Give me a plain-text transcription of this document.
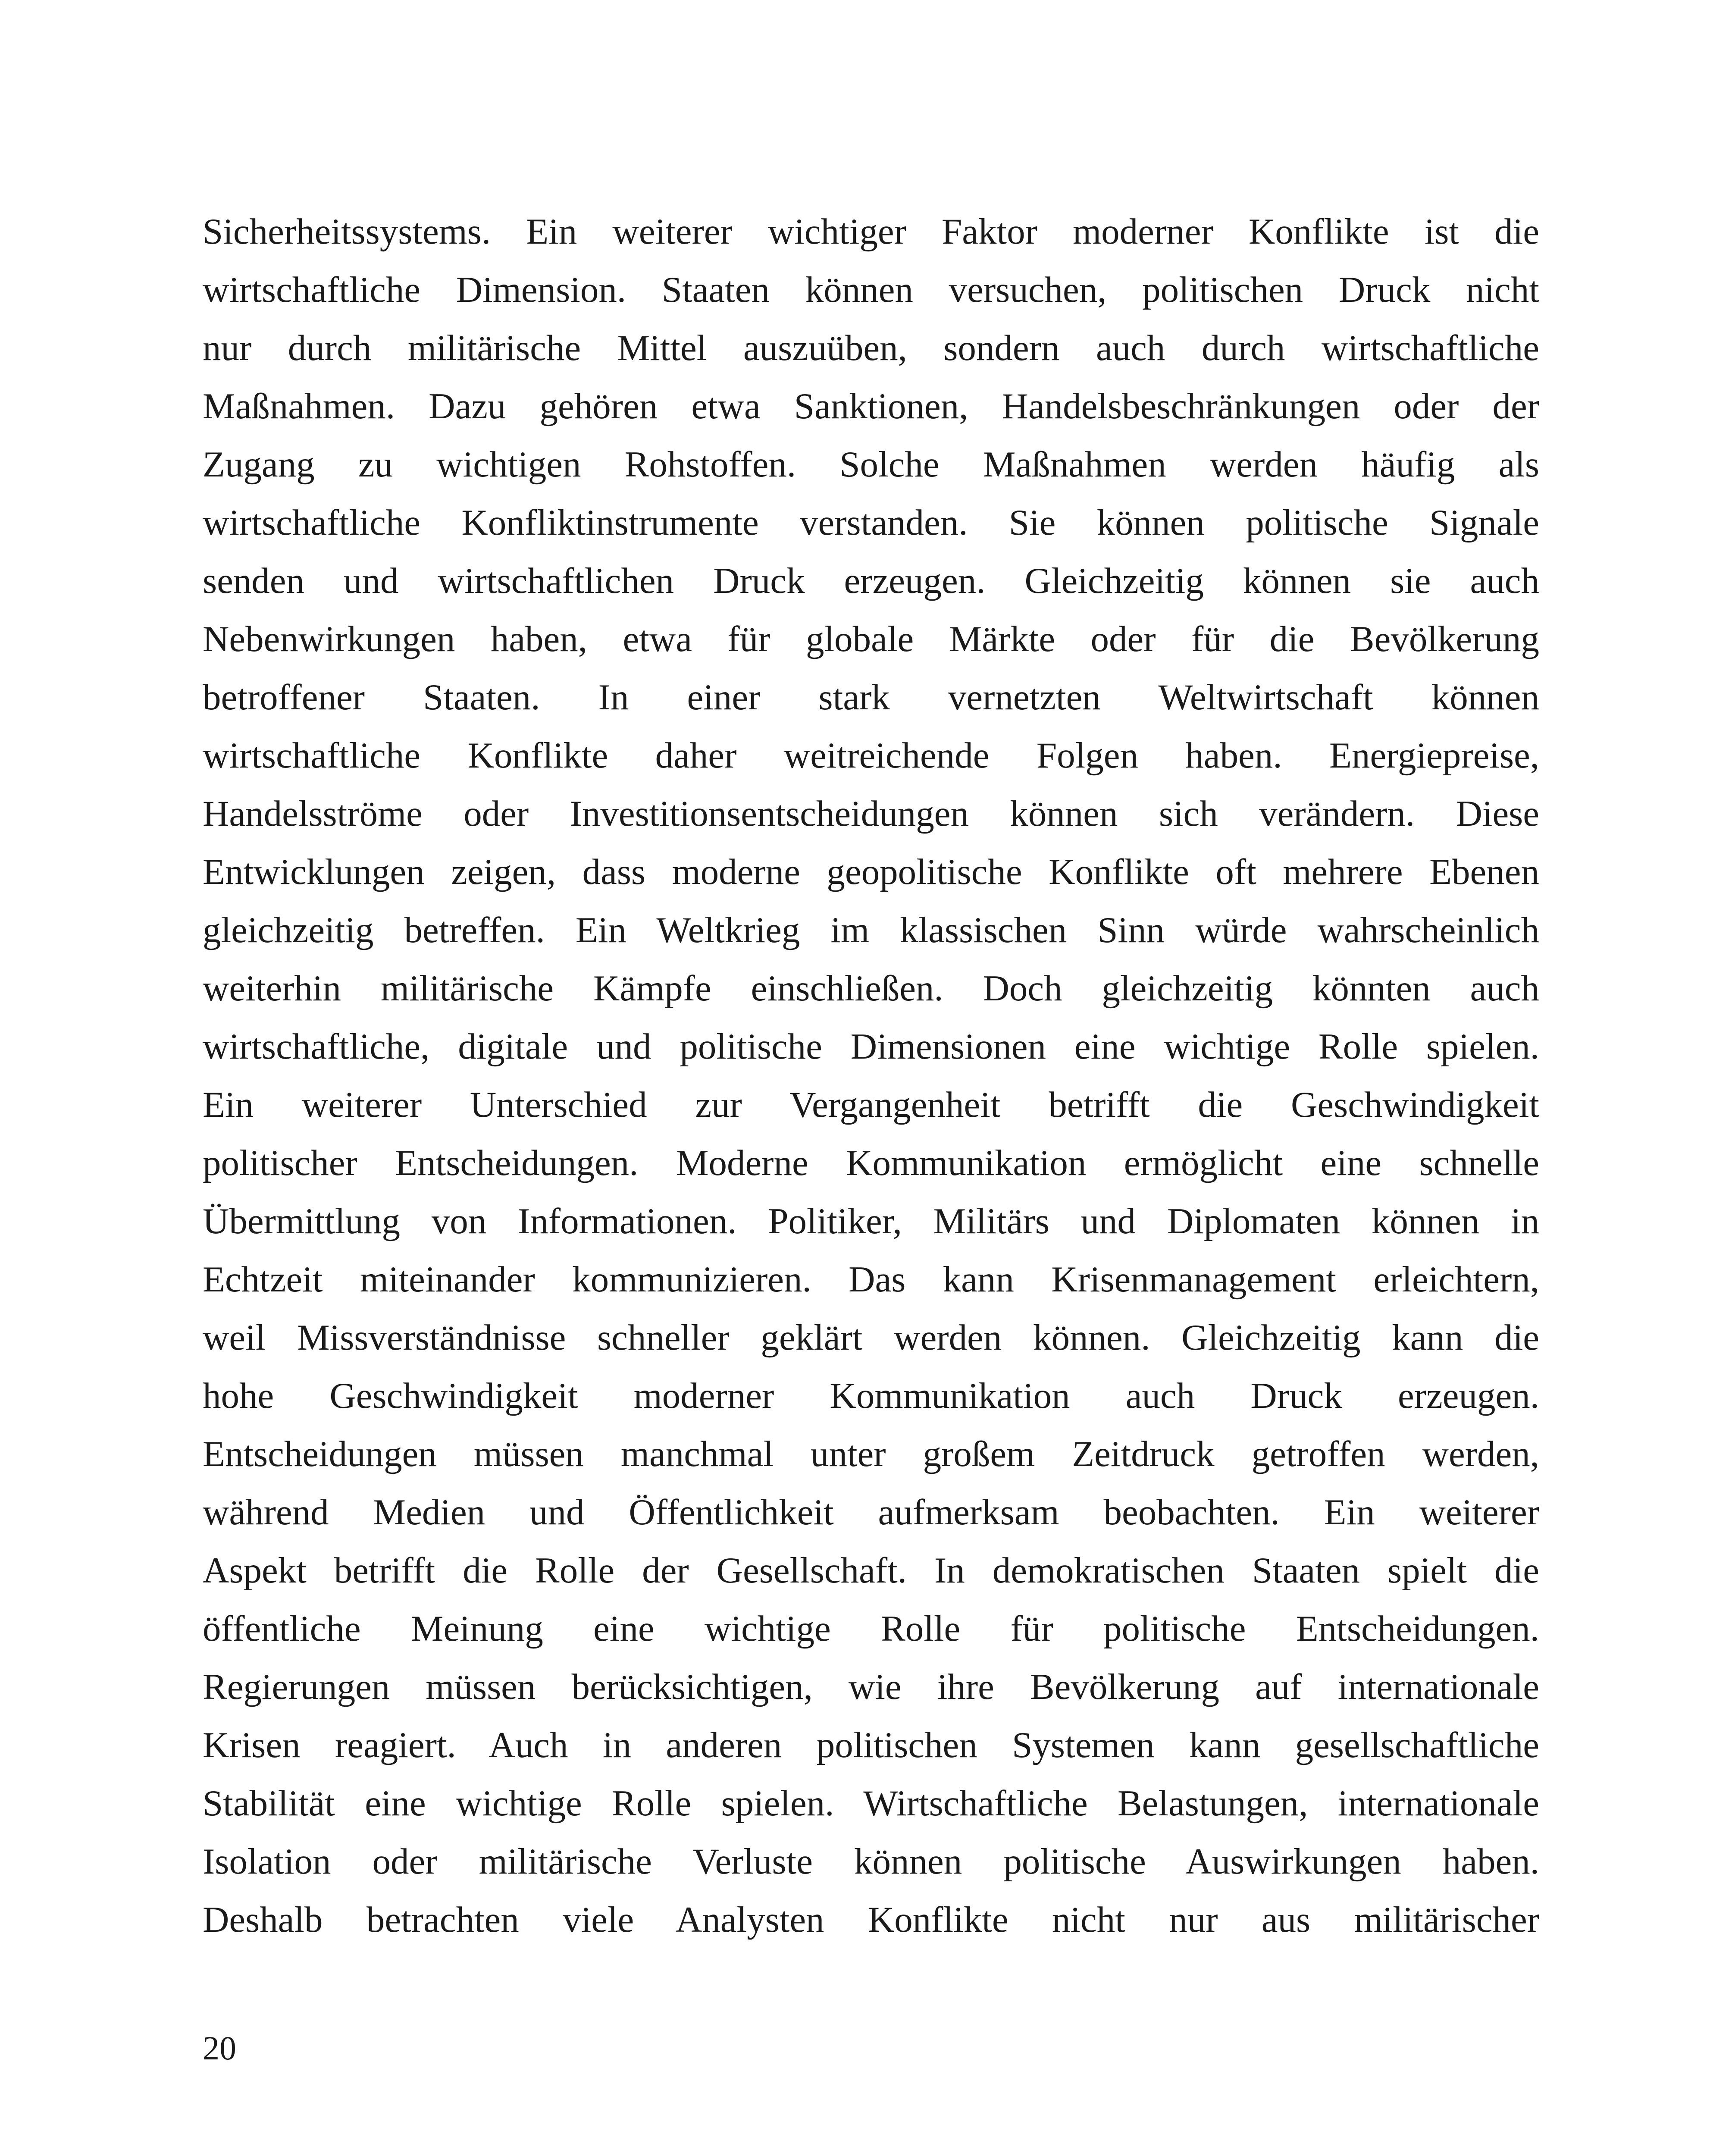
Sicherheitssystems. Ein weiterer wichtiger Faktor moderner Konflikte ist die
wirtschaftliche Dimension. Staaten können versuchen, politischen Druck nicht
nur durch militärische Mittel auszuüben, sondern auch durch wirtschaftliche
Maßnahmen. Dazu gehören etwa Sanktionen, Handelsbeschränkungen oder der
Zugang zu wichtigen Rohstoffen. Solche Maßnahmen werden häufig als
wirtschaftliche Konfliktinstrumente verstanden. Sie können politische Signale
senden und wirtschaftlichen Druck erzeugen. Gleichzeitig können sie auch
Nebenwirkungen haben, etwa für globale Märkte oder für die Bevölkerung
betroffener Staaten. In einer stark vernetzten Weltwirtschaft können
wirtschaftliche Konflikte daher weitreichende Folgen haben. Energiepreise,
Handelsströme oder Investitionsentscheidungen können sich verändern. Diese
Entwicklungen zeigen, dass moderne geopolitische Konflikte oft mehrere Ebenen
gleichzeitig betreffen. Ein Weltkrieg im klassischen Sinn würde wahrscheinlich
weiterhin militärische Kämpfe einschließen. Doch gleichzeitig könnten auch
wirtschaftliche, digitale und politische Dimensionen eine wichtige Rolle spielen.
Ein weiterer Unterschied zur Vergangenheit betrifft die Geschwindigkeit
politischer Entscheidungen. Moderne Kommunikation ermöglicht eine schnelle
Übermittlung von Informationen. Politiker, Militärs und Diplomaten können in
Echtzeit miteinander kommunizieren. Das kann Krisenmanagement erleichtern,
weil Missverständnisse schneller geklärt werden können. Gleichzeitig kann die
hohe Geschwindigkeit moderner Kommunikation auch Druck erzeugen.
Entscheidungen müssen manchmal unter großem Zeitdruck getroffen werden,
während Medien und Öffentlichkeit aufmerksam beobachten. Ein weiterer
Aspekt betrifft die Rolle der Gesellschaft. In demokratischen Staaten spielt die
öffentliche Meinung eine wichtige Rolle für politische Entscheidungen.
Regierungen müssen berücksichtigen, wie ihre Bevölkerung auf internationale
Krisen reagiert. Auch in anderen politischen Systemen kann gesellschaftliche
Stabilität eine wichtige Rolle spielen. Wirtschaftliche Belastungen, internationale
Isolation oder militärische Verluste können politische Auswirkungen haben.
Deshalb betrachten viele Analysten Konflikte nicht nur aus militärischer
20
